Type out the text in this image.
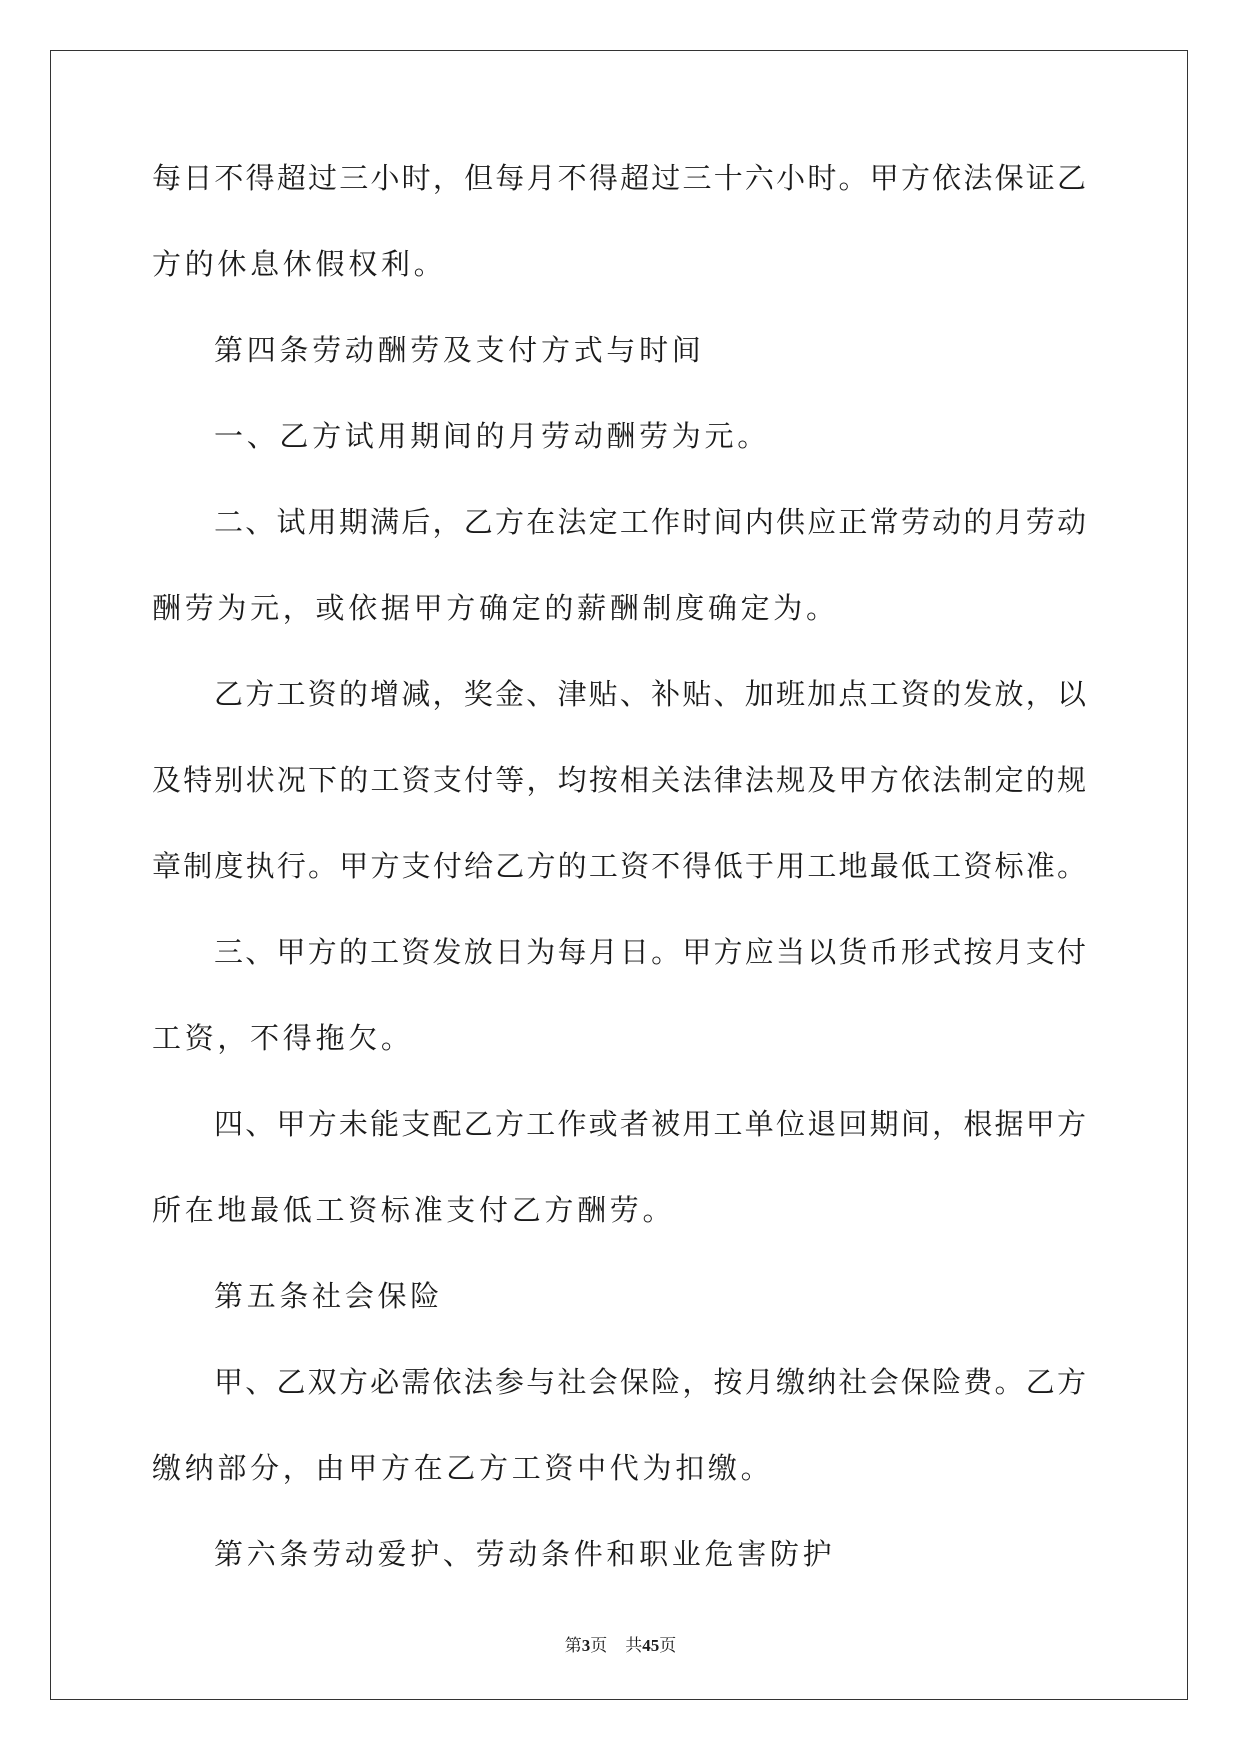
每日不得超过三小时，但每月不得超过三十六小时。甲方依法保证乙
方的休息休假权利。
第四条劳动酬劳及支付方式与时间
一、乙方试用期间的月劳动酬劳为元。
二、试用期满后，乙方在法定工作时间内供应正常劳动的月劳动
酬劳为元，或依据甲方确定的薪酬制度确定为。
乙方工资的增减，奖金、津贴、补贴、加班加点工资的发放，以
及特别状况下的工资支付等，均按相关法律法规及甲方依法制定的规
章制度执行。甲方支付给乙方的工资不得低于用工地最低工资标准。
三、甲方的工资发放日为每月日。甲方应当以货币形式按月支付
工资，不得拖欠。
四、甲方未能支配乙方工作或者被用工单位退回期间，根据甲方
所在地最低工资标准支付乙方酬劳。
第五条社会保险
甲、乙双方必需依法参与社会保险，按月缴纳社会保险费。乙方
缴纳部分，由甲方在乙方工资中代为扣缴。
第六条劳动爱护、劳动条件和职业危害防护
第3页 共45页
